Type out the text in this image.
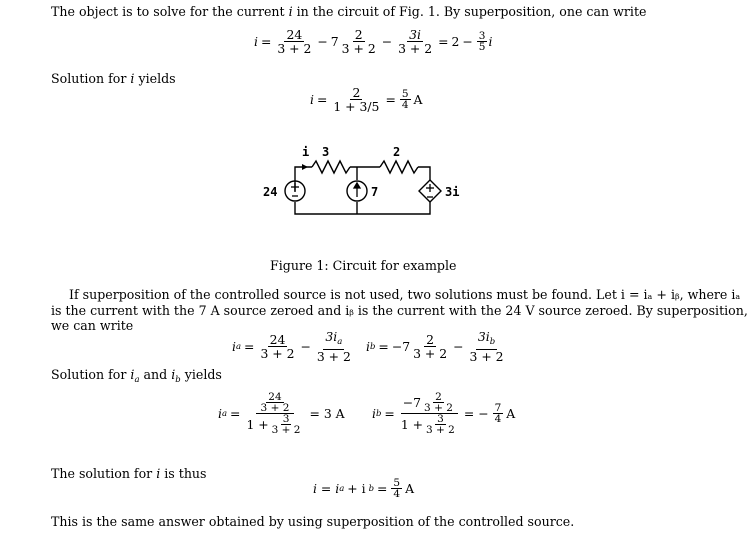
The object is to solve for the current i in the circuit of Fig. 1. By superposition, one can write
$i = \frac{24}{3 + 2} - 7 \frac{2}{3 + 2} - \frac{3i}{3 + 2} = 2 - \frac{3}{5}$ i
Solution for i yields
$i = \frac{2}{1 + 3/5} = \frac{5}{4}$ A
i 3	2
24	7	3i
Figure 1: Circuit for example
If superposition of the controlled source is not used, two solutions must be found. Let i = iₐ + iᵦ, where iₐ
is the current with the 7 A source zeroed and iᵦ is the current with the 24 V source zeroed. By superposition,
we can write
i $a = \frac{24}{3 + 2} - \frac{3i_a}{3 + 2}$ i $b = -7 \frac{2}{3 + 2} - \frac{3i_b}{3 + 2}$
Solution for $i_a$ and $i_b$ yields
i $a = \frac{\frac{24}{3 + 2}}{1 + \frac{3}{3 + 2}} = 3$ A i $b = \frac{-7 \frac{2}{3 + 2}}{1 + \frac{3}{3 + 2}}$ = − $\frac{7}{4}$ A
The solution for i is thus
i = i a + i $b = \frac{5}{4}$ A
This is the same answer obtained by using superposition of the controlled source.
